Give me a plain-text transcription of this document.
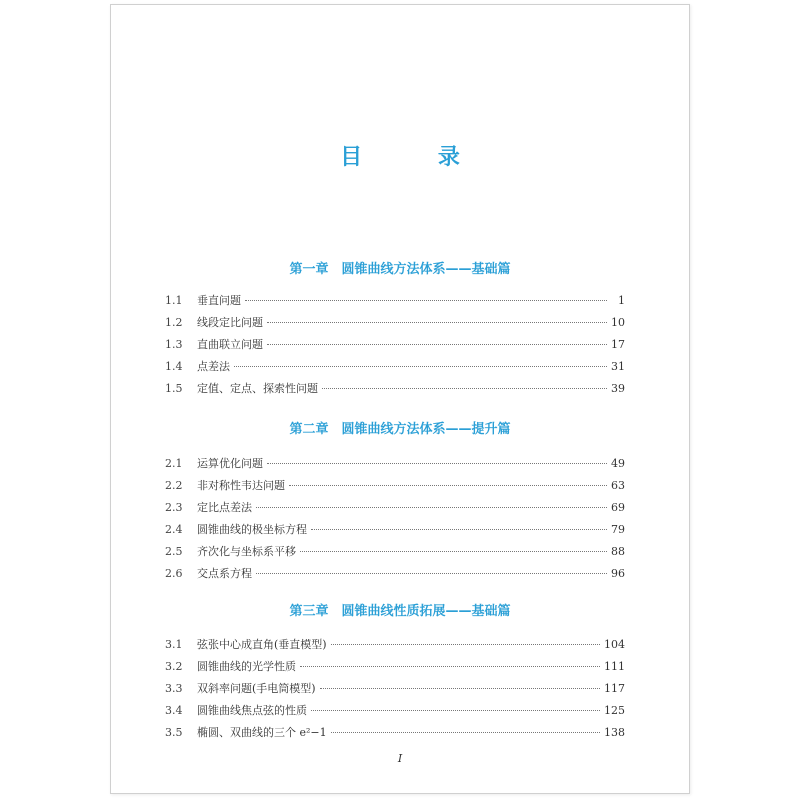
目 录
第一章　圆锥曲线方法体系——基础篇
1.1	垂直问题	1
1.2	线段定比问题	10
1.3	直曲联立问题	17
1.4	点差法	31
1.5	定值、定点、探索性问题	39
第二章　圆锥曲线方法体系——提升篇
2.1	运算优化问题	49
2.2	非对称性韦达问题	63
2.3	定比点差法	69
2.4	圆锥曲线的极坐标方程	79
2.5	齐次化与坐标系平移	88
2.6	交点系方程	96
第三章　圆锥曲线性质拓展——基础篇
3.1	弦张中心成直角(垂直模型)	104
3.2	圆锥曲线的光学性质	111
3.3	双斜率问题(手电筒模型)	117
3.4	圆锥曲线焦点弦的性质	125
3.5	椭圆、双曲线的三个 e²−1	138
I
